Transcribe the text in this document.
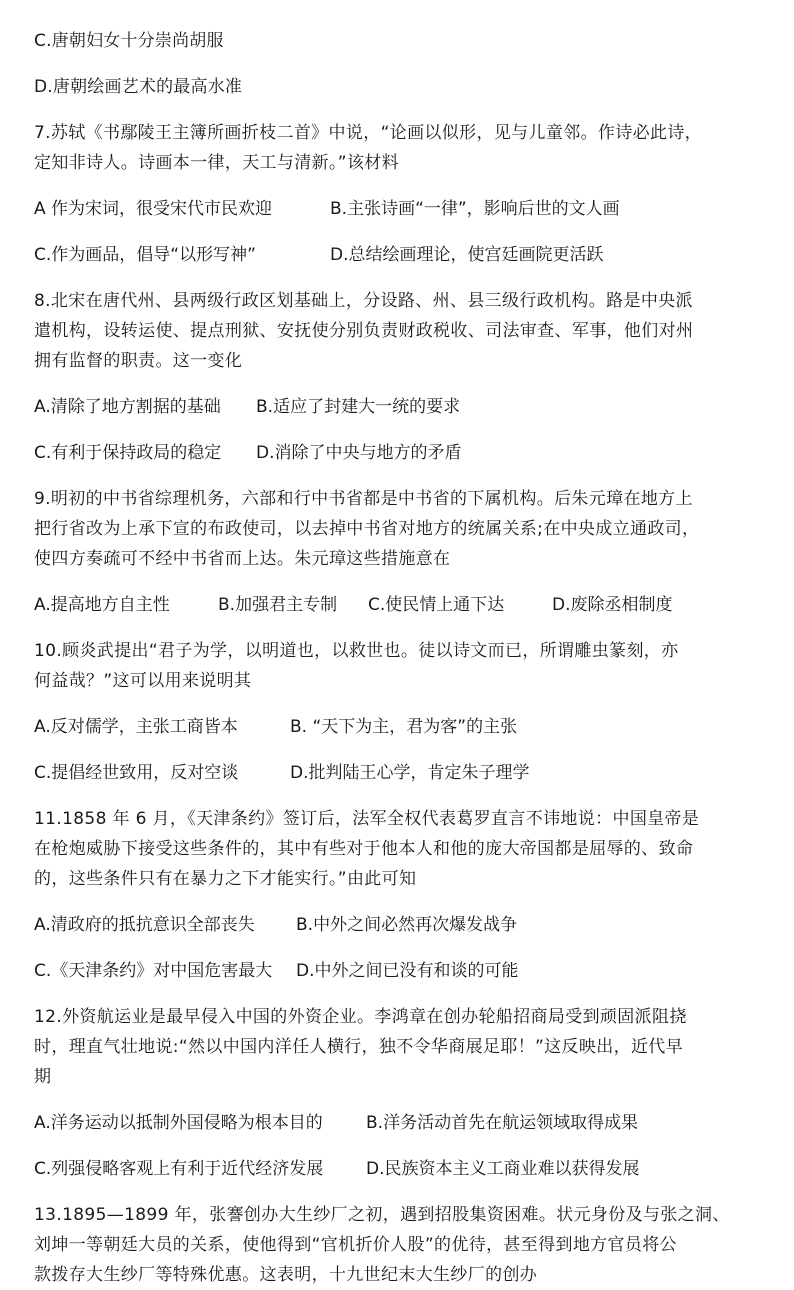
C.唐朝妇女十分崇尚胡服
D.唐朝绘画艺术的最高水准
7.苏轼《书鄢陵王主簿所画折枝二首》中说，“论画以似形，见与儿童邻。作诗必此诗，
定知非诗人。诗画本一律，天工与清新。”该材料
A 作为宋词，很受宋代市民欢迎	B.主张诗画“一律”，影响后世的文人画
C.作为画品，倡导“以形写神”	D.总结绘画理论，使宫廷画院更活跃
8.北宋在唐代州、县两级行政区划基础上，分设路、州、县三级行政机构。路是中央派
遣机构，设转运使、提点刑狱、安抚使分别负责财政税收、司法审查、军事，他们对州
拥有监督的职责。这一变化
A.清除了地方割据的基础	B.适应了封建大一统的要求
C.有利于保持政局的稳定	D.消除了中央与地方的矛盾
9.明初的中书省综理机务，六部和行中书省都是中书省的下属机构。后朱元璋在地方上
把行省改为上承下宣的布政使司，以去掉中书省对地方的统属关系;在中央成立通政司，
使四方奏疏可不经中书省而上达。朱元璋这些措施意在
A.提高地方自主性	B.加强君主专制	C.使民情上通下达	D.废除丞相制度
10.顾炎武提出“君子为学，以明道也，以救世也。徒以诗文而已，所谓雕虫篆刻，亦
何益哉？”这可以用来说明其
A.反对儒学，主张工商皆本	B. “天下为主，君为客”的主张
C.提倡经世致用，反对空谈	D.批判陆王心学，肯定朱子理学
11.1858 年 6 月，《天津条约》签订后，法军全权代表葛罗直言不讳地说：中国皇帝是
在枪炮威胁下接受这些条件的，其中有些对于他本人和他的庞大帝国都是屈辱的、致命
的，这些条件只有在暴力之下才能实行。”由此可知
A.清政府的抵抗意识全部丧失	B.中外之间必然再次爆发战争
C.《天津条约》对中国危害最大	D.中外之间已没有和谈的可能
12.外资航运业是最早侵入中国的外资企业。李鸿章在创办轮船招商局受到顽固派阻挠
时，理直气壮地说:“然以中国内洋任人横行，独不令华商展足耶！”这反映出，近代早
期
A.洋务运动以抵制外国侵略为根本目的	B.洋务活动首先在航运领域取得成果
C.列强侵略客观上有利于近代经济发展	D.民族资本主义工商业难以获得发展
13.1895—1899 年，张謇创办大生纱厂之初，遇到招股集资困难。状元身份及与张之洞、
刘坤一等朝廷大员的关系，使他得到“官机折价人股”的优待，甚至得到地方官员将公
款拨存大生纱厂等特殊优惠。这表明，十九世纪末大生纱厂的创办
